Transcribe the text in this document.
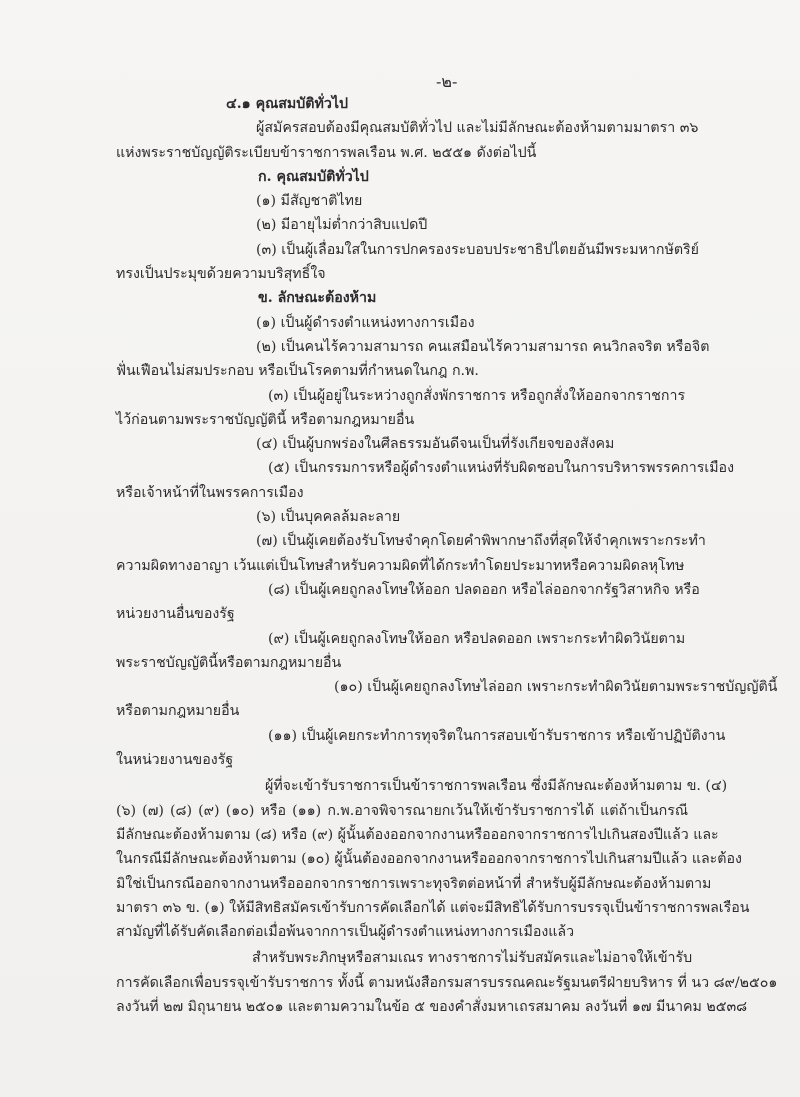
-๒-
๔.๑ คุณสมบัติทั่วไป
ผู้สมัครสอบต้องมีคุณสมบัติทั่วไป และไม่มีลักษณะต้องห้ามตามมาตรา ๓๖
แห่งพระราชบัญญัติระเบียบข้าราชการพลเรือน พ.ศ. ๒๕๕๑ ดังต่อไปนี้
ก. คุณสมบัติทั่วไป
(๑) มีสัญชาติไทย
(๒) มีอายุไม่ต่ำกว่าสิบแปดปี
(๓) เป็นผู้เลื่อมใสในการปกครองระบอบประชาธิปไตยอันมีพระมหากษัตริย์
ทรงเป็นประมุขด้วยความบริสุทธิ์ใจ
ข. ลักษณะต้องห้าม
(๑) เป็นผู้ดำรงตำแหน่งทางการเมือง
(๒) เป็นคนไร้ความสามารถ คนเสมือนไร้ความสามารถ คนวิกลจริต หรือจิต
ฟั่นเฟือนไม่สมประกอบ หรือเป็นโรคตามที่กำหนดในกฎ ก.พ.
(๓) เป็นผู้อยู่ในระหว่างถูกสั่งพักราชการ หรือถูกสั่งให้ออกจากราชการ
ไว้ก่อนตามพระราชบัญญัตินี้ หรือตามกฎหมายอื่น
(๔) เป็นผู้บกพร่องในศีลธรรมอันดีจนเป็นที่รังเกียจของสังคม
(๕) เป็นกรรมการหรือผู้ดำรงตำแหน่งที่รับผิดชอบในการบริหารพรรคการเมือง
หรือเจ้าหน้าที่ในพรรคการเมือง
(๖) เป็นบุคคลล้มละลาย
(๗) เป็นผู้เคยต้องรับโทษจำคุกโดยคำพิพากษาถึงที่สุดให้จำคุกเพราะกระทำ
ความผิดทางอาญา เว้นแต่เป็นโทษสำหรับความผิดที่ได้กระทำโดยประมาทหรือความผิดลหุโทษ
(๘) เป็นผู้เคยถูกลงโทษให้ออก ปลดออก หรือไล่ออกจากรัฐวิสาหกิจ หรือ
หน่วยงานอื่นของรัฐ
(๙) เป็นผู้เคยถูกลงโทษให้ออก หรือปลดออก เพราะกระทำผิดวินัยตาม
พระราชบัญญัตินี้หรือตามกฎหมายอื่น
(๑๐) เป็นผู้เคยถูกลงโทษไล่ออก เพราะกระทำผิดวินัยตามพระราชบัญญัตินี้
หรือตามกฎหมายอื่น
(๑๑) เป็นผู้เคยกระทำการทุจริตในการสอบเข้ารับราชการ หรือเข้าปฏิบัติงาน
ในหน่วยงานของรัฐ
ผู้ที่จะเข้ารับราชการเป็นข้าราชการพลเรือน ซึ่งมีลักษณะต้องห้ามตาม ข. (๔)
(๖) (๗) (๘) (๙) (๑๐) หรือ (๑๑) ก.พ.อาจพิจารณายกเว้นให้เข้ารับราชการได้ แต่ถ้าเป็นกรณี
มีลักษณะต้องห้ามตาม (๘) หรือ (๙) ผู้นั้นต้องออกจากงานหรือออกจากราชการไปเกินสองปีแล้ว และ
ในกรณีมีลักษณะต้องห้ามตาม (๑๐) ผู้นั้นต้องออกจากงานหรือออกจากราชการไปเกินสามปีแล้ว และต้อง
มิใช่เป็นกรณีออกจากงานหรือออกจากราชการเพราะทุจริตต่อหน้าที่ สำหรับผู้มีลักษณะต้องห้ามตาม
มาตรา ๓๖ ข. (๑) ให้มีสิทธิสมัครเข้ารับการคัดเลือกได้ แต่จะมีสิทธิได้รับการบรรจุเป็นข้าราชการพลเรือน
สามัญที่ได้รับคัดเลือกต่อเมื่อพ้นจากการเป็นผู้ดำรงตำแหน่งทางการเมืองแล้ว
สำหรับพระภิกษุหรือสามเณร ทางราชการไม่รับสมัครและไม่อาจให้เข้ารับ
การคัดเลือกเพื่อบรรจุเข้ารับราชการ ทั้งนี้ ตามหนังสือกรมสารบรรณคณะรัฐมนตรีฝ่ายบริหาร ที่ นว ๘๙/๒๕๐๑
ลงวันที่ ๒๗ มิถุนายน ๒๕๐๑ และตามความในข้อ ๕ ของคำสั่งมหาเถรสมาคม ลงวันที่ ๑๗ มีนาคม ๒๕๓๘
